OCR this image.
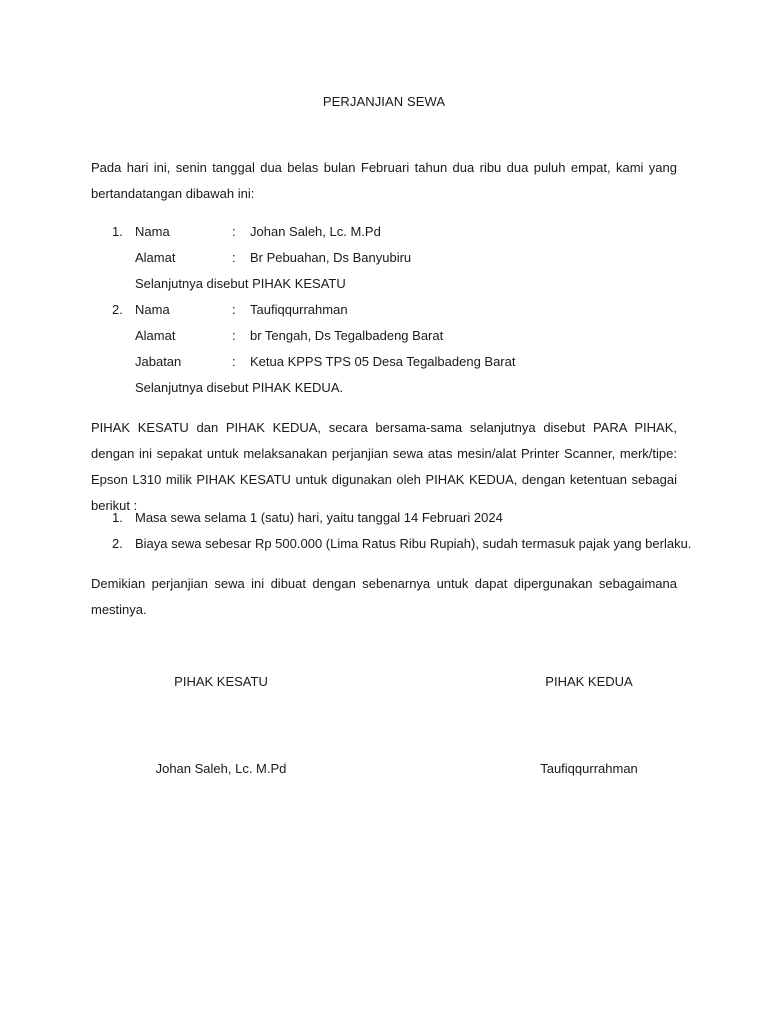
PERJANJIAN SEWA

Pada hari ini, senin tanggal dua belas bulan Februari tahun dua ribu dua puluh empat, kami yang bertandatangan dibawah ini:

1. Nama	: Johan Saleh, Lc. M.Pd
Alamat	: Br Pebuahan, Ds Banyubiru
Selanjutnya disebut PIHAK KESATU
2. Nama	: Taufiqqurrahman
Alamat	: br Tengah, Ds Tegalbadeng Barat
Jabatan	: Ketua KPPS TPS 05 Desa Tegalbadeng Barat
Selanjutnya disebut PIHAK KEDUA.

PIHAK KESATU dan PIHAK KEDUA, secara bersama-sama selanjutnya disebut PARA PIHAK, dengan ini sepakat untuk melaksanakan perjanjian sewa atas mesin/alat Printer Scanner, merk/tipe: Epson L310 milik PIHAK KESATU untuk digunakan oleh PIHAK KEDUA, dengan ketentuan sebagai berikut :

1. Masa sewa selama 1 (satu) hari, yaitu tanggal 14 Februari 2024
2. Biaya sewa sebesar Rp 500.000 (Lima Ratus Ribu Rupiah), sudah termasuk pajak yang berlaku.

Demikian perjanjian sewa ini dibuat dengan sebenarnya untuk dapat dipergunakan sebagaimana mestinya.

PIHAK KESATU	PIHAK KEDUA
Johan Saleh, Lc. M.Pd	Taufiqqurrahman
